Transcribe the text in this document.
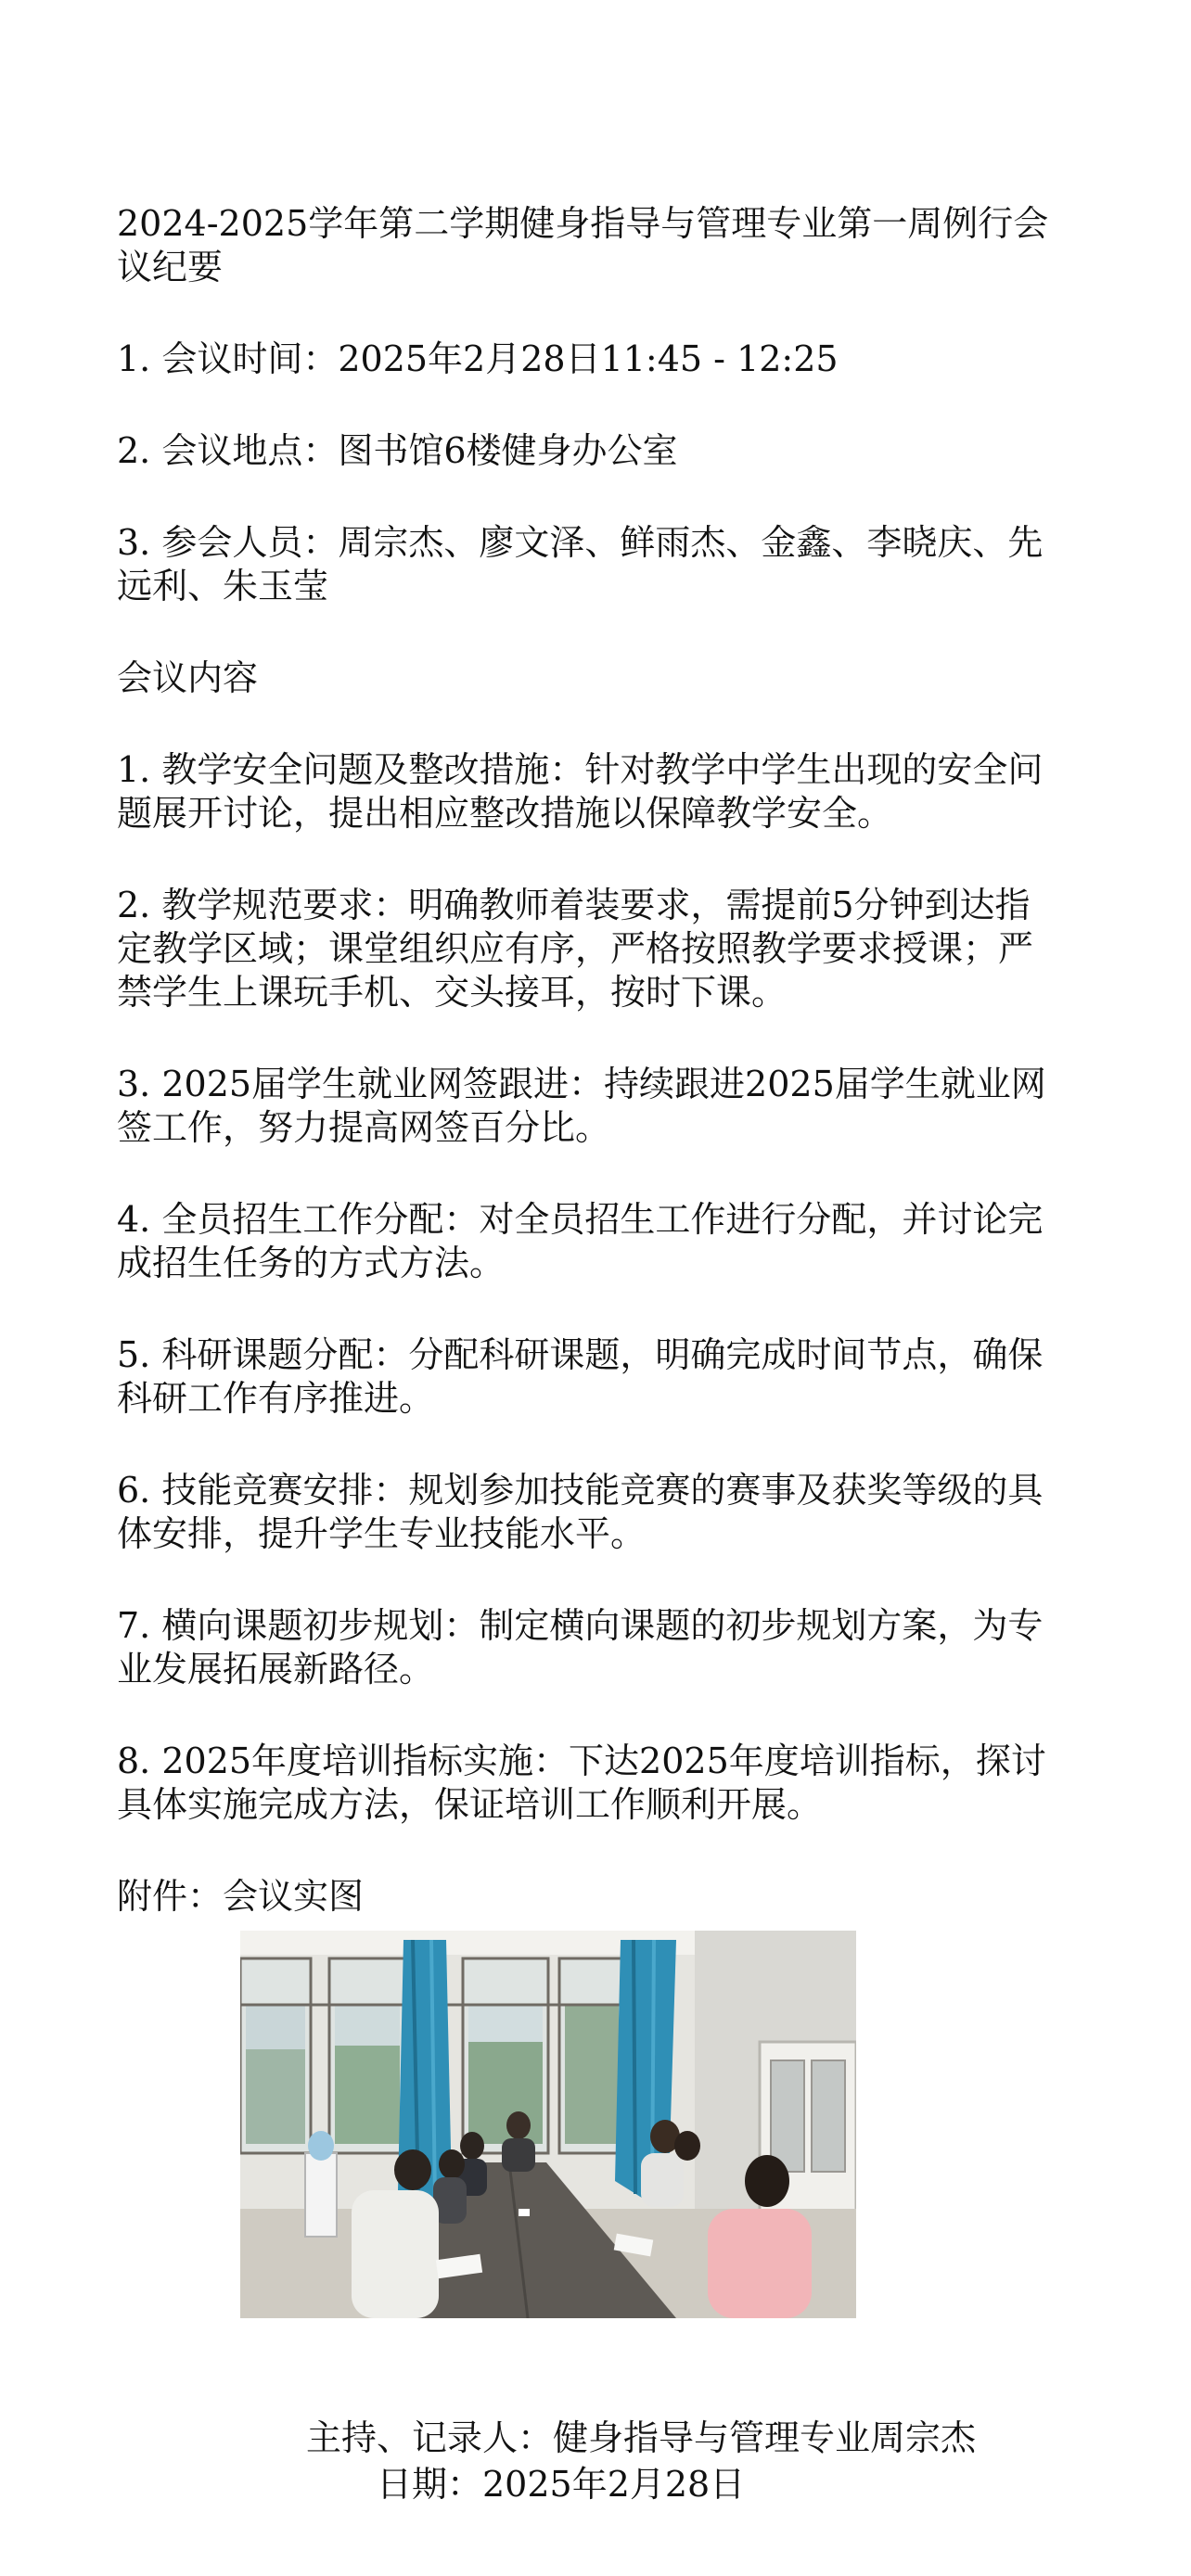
2024-2025学年第二学期健身指导与管理专业第一周例行会议纪要

1. 会议时间：2025年2月28日11:45 - 12:25

2. 会议地点：图书馆6楼健身办公室

3. 参会人员：周宗杰、廖文泽、鲜雨杰、金鑫、李晓庆、先远利、朱玉莹

会议内容

1. 教学安全问题及整改措施：针对教学中学生出现的安全问题展开讨论，提出相应整改措施以保障教学安全。

2. 教学规范要求：明确教师着装要求，需提前5分钟到达指定教学区域；课堂组织应有序，严格按照教学要求授课；严禁学生上课玩手机、交头接耳，按时下课。

3. 2025届学生就业网签跟进：持续跟进2025届学生就业网签工作，努力提高网签百分比。

4. 全员招生工作分配：对全员招生工作进行分配，并讨论完成招生任务的方式方法。

5. 科研课题分配：分配科研课题，明确完成时间节点，确保科研工作有序推进。

6. 技能竞赛安排：规划参加技能竞赛的赛事及获奖等级的具体安排，提升学生专业技能水平。

7. 横向课题初步规划：制定横向课题的初步规划方案，为专业发展拓展新路径。

8. 2025年度培训指标实施：下达2025年度培训指标，探讨具体实施完成方法，保证培训工作顺利开展。

附件：会议实图

主持、记录人：健身指导与管理专业周宗杰
日期：2025年2月28日
